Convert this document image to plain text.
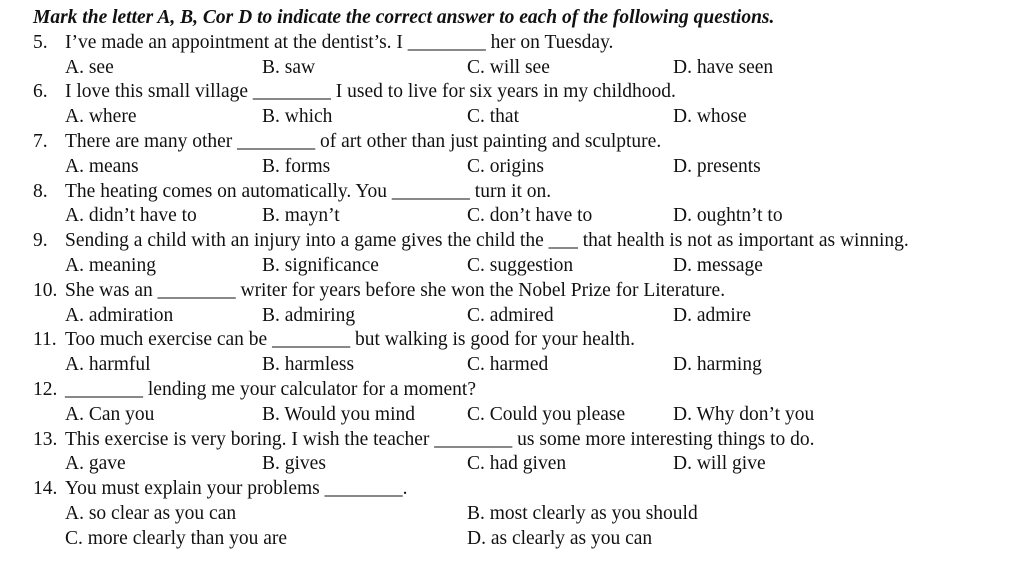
Mark the letter A, B, Cor D to indicate the correct answer to each of the following questions.
5. I’ve made an appointment at the dentist’s. I ________ her on Tuesday.
A. see	B. saw	C. will see	D. have seen
6. I love this small village ________ I used to live for six years in my childhood.
A. where	B. which	C. that	D. whose
7. There are many other ________ of art other than just painting and sculpture.
A. means	B. forms	C. origins	D. presents
8. The heating comes on automatically. You ________ turn it on.
A. didn’t have to	B. mayn’t	C. don’t have to	D. oughtn’t to
9. Sending a child with an injury into a game gives the child the ___ that health is not as important as winning.
A. meaning	B. significance	C. suggestion	D. message
10. She was an ________ writer for years before she won the Nobel Prize for Literature.
A. admiration	B. admiring	C. admired	D. admire
11. Too much exercise can be ________ but walking is good for your health.
A. harmful	B. harmless	C. harmed	D. harming
12. ________ lending me your calculator for a moment?
A. Can you	B. Would you mind	C. Could you please D. Why don’t you
13. This exercise is very boring. I wish the teacher ________ us some more interesting things to do.
A. gave	B. gives	C. had given	D. will give
14. You must explain your problems ________.
A. so clear as you can	B. most clearly as you should
C. more clearly than you are	D. as clearly as you can
